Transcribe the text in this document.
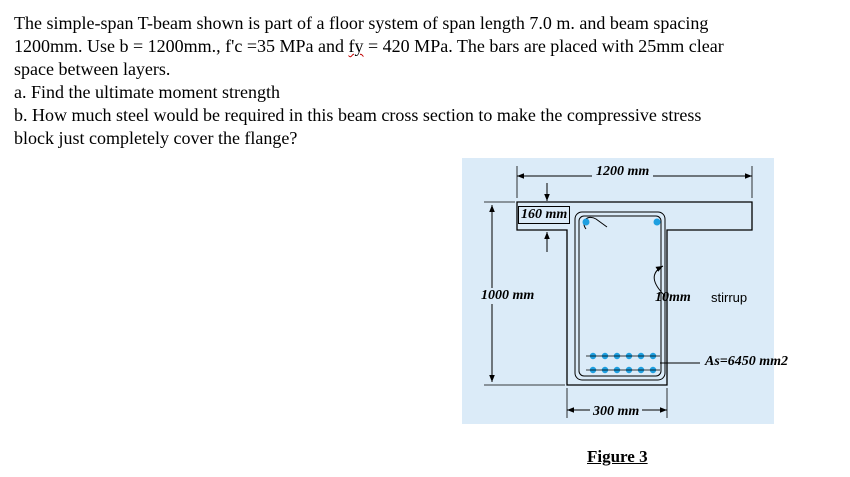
The simple-span T-beam shown is part of a floor system of span length 7.0 m. and beam spacing

1200mm. Use b = 1200mm., f'c =35 MPa and fy = 420 MPa. The bars are placed with 25mm clear

space between layers.

a. Find the ultimate moment strength

b. How much steel would be required in this beam cross section to make the compressive stress

block just completely cover the flange?

1200 mm
160 mm
1000 mm	10mm stirrup
As=6450 mm2
300 mm
Figure 3
